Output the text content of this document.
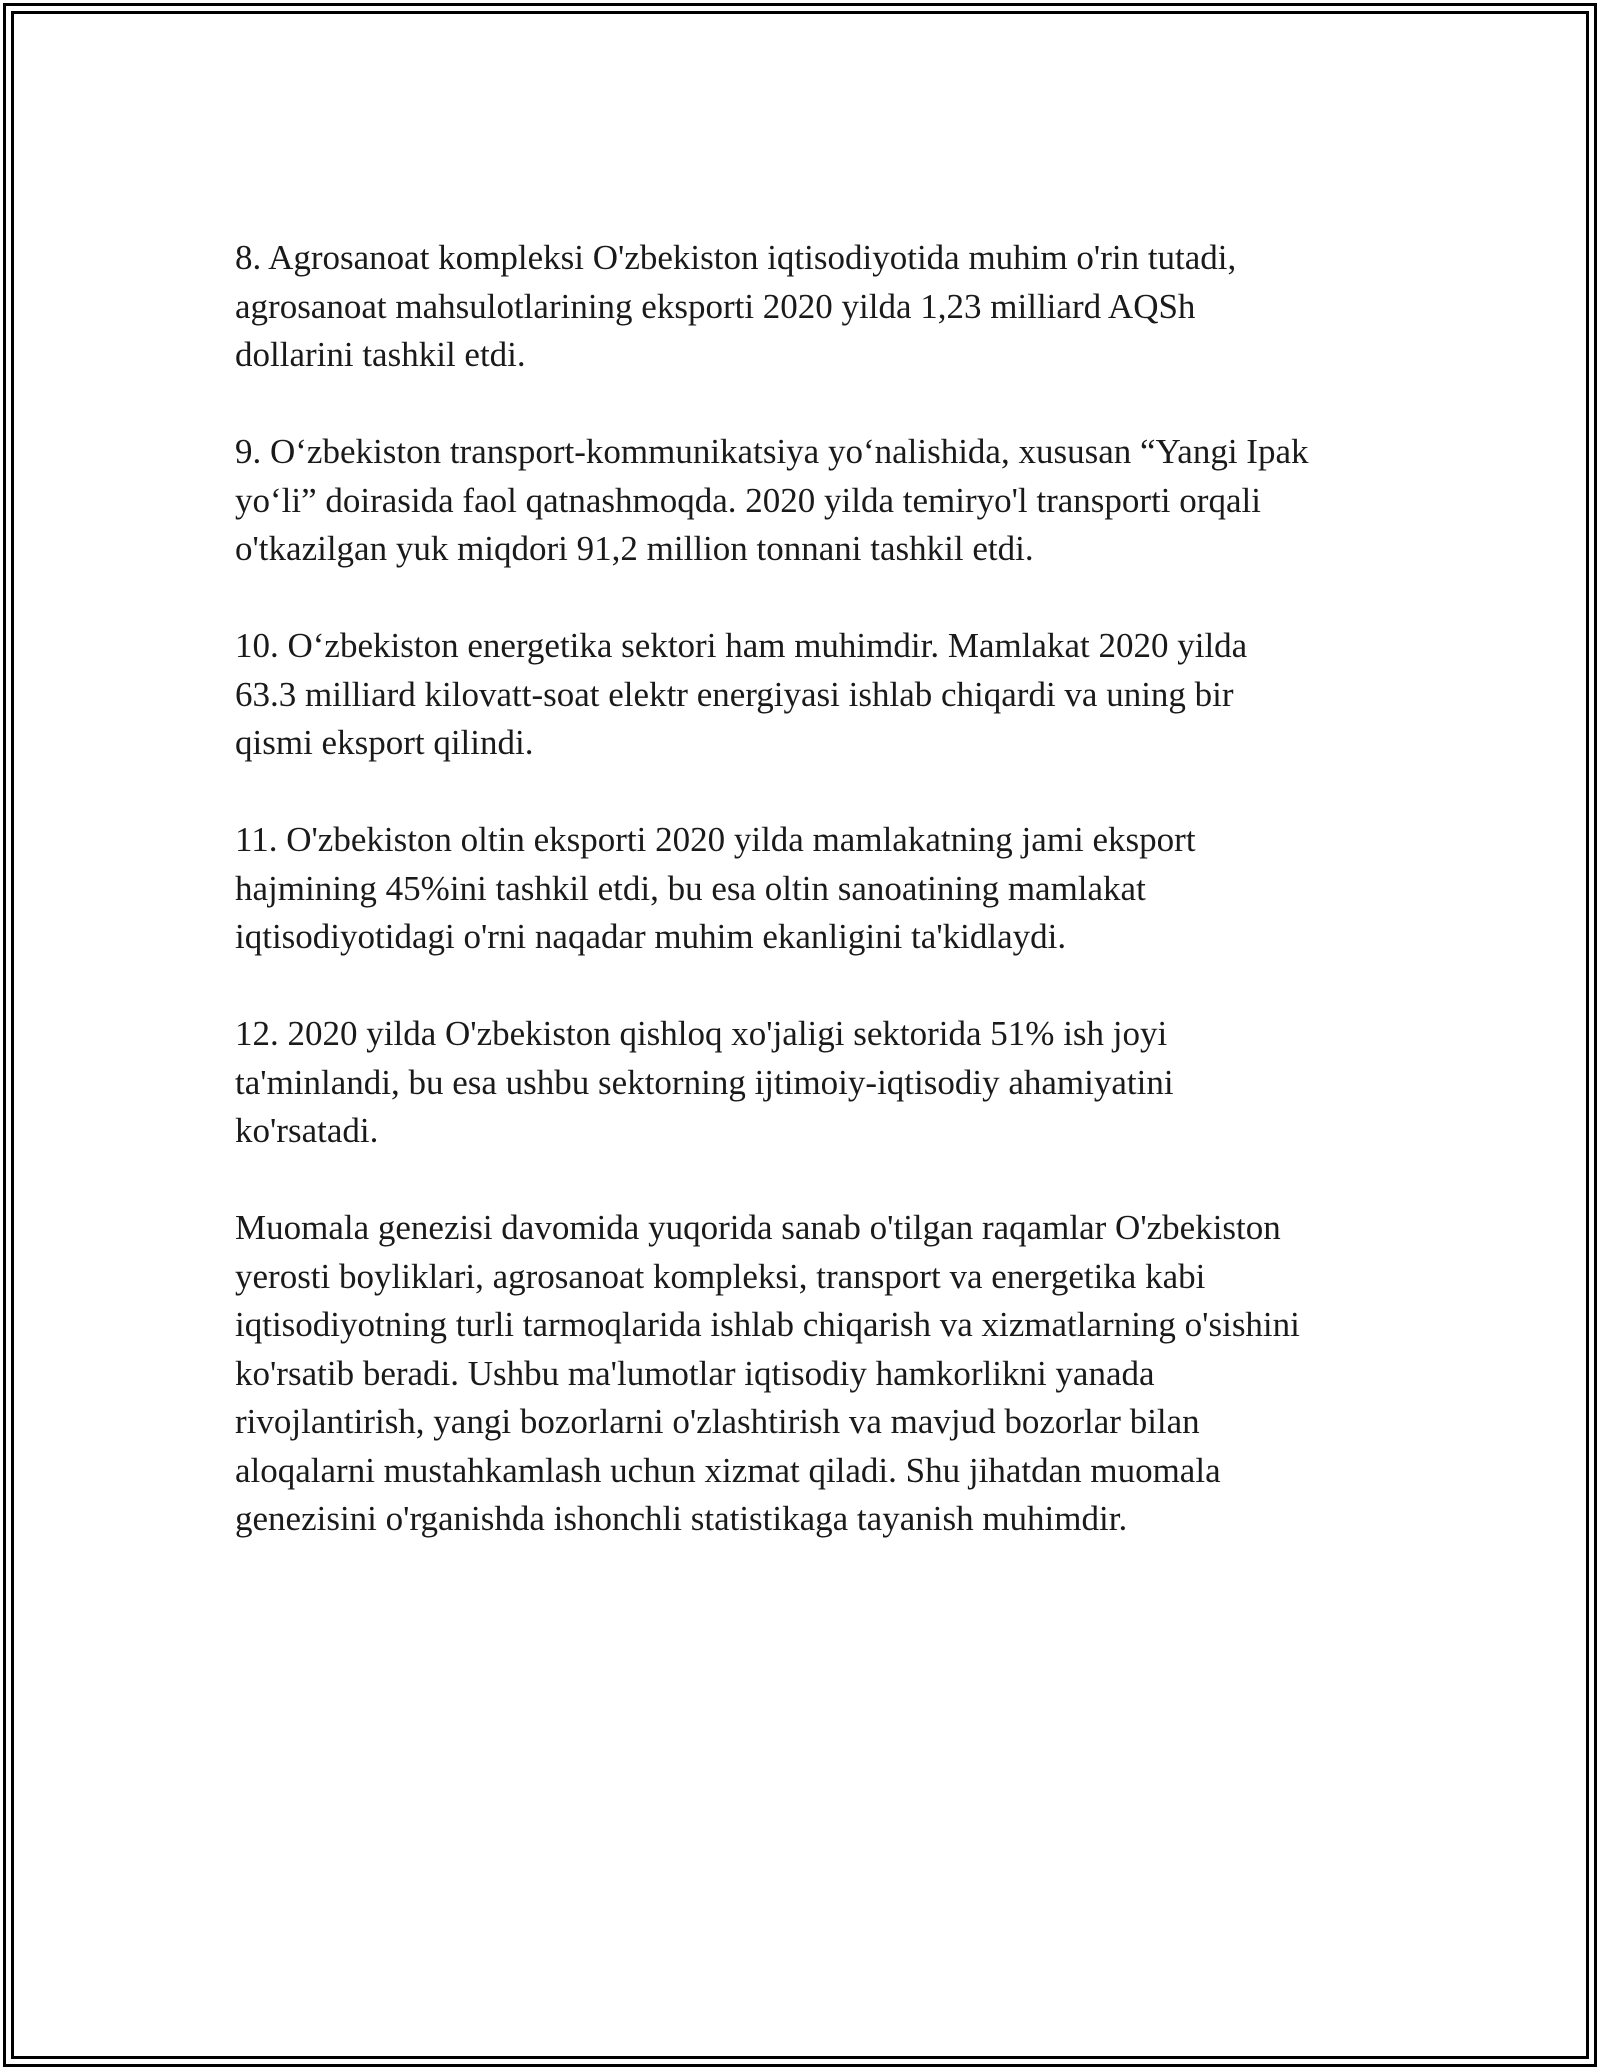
8. Agrosanoat kompleksi O'zbekiston iqtisodiyotida muhim o'rin tutadi,
agrosanoat mahsulotlarining eksporti 2020 yilda 1,23 milliard AQSh
dollarini tashkil etdi.

9. O‘zbekiston transport-kommunikatsiya yo‘nalishida, xususan “Yangi Ipak
yo‘li” doirasida faol qatnashmoqda. 2020 yilda temiryo'l transporti orqali
o'tkazilgan yuk miqdori 91,2 million tonnani tashkil etdi.

10. O‘zbekiston energetika sektori ham muhimdir. Mamlakat 2020 yilda
63.3 milliard kilovatt-soat elektr energiyasi ishlab chiqardi va uning bir
qismi eksport qilindi.

11. O'zbekiston oltin eksporti 2020 yilda mamlakatning jami eksport
hajmining 45%ini tashkil etdi, bu esa oltin sanoatining mamlakat
iqtisodiyotidagi o'rni naqadar muhim ekanligini ta'kidlaydi.

12. 2020 yilda O'zbekiston qishloq xo'jaligi sektorida 51% ish joyi
ta'minlandi, bu esa ushbu sektorning ijtimoiy-iqtisodiy ahamiyatini
ko'rsatadi.

Muomala genezisi davomida yuqorida sanab o'tilgan raqamlar O'zbekiston
yerosti boyliklari, agrosanoat kompleksi, transport va energetika kabi
iqtisodiyotning turli tarmoqlarida ishlab chiqarish va xizmatlarning o'sishini
ko'rsatib beradi. Ushbu ma'lumotlar iqtisodiy hamkorlikni yanada
rivojlantirish, yangi bozorlarni o'zlashtirish va mavjud bozorlar bilan
aloqalarni mustahkamlash uchun xizmat qiladi. Shu jihatdan muomala
genezisini o'rganishda ishonchli statistikaga tayanish muhimdir.
